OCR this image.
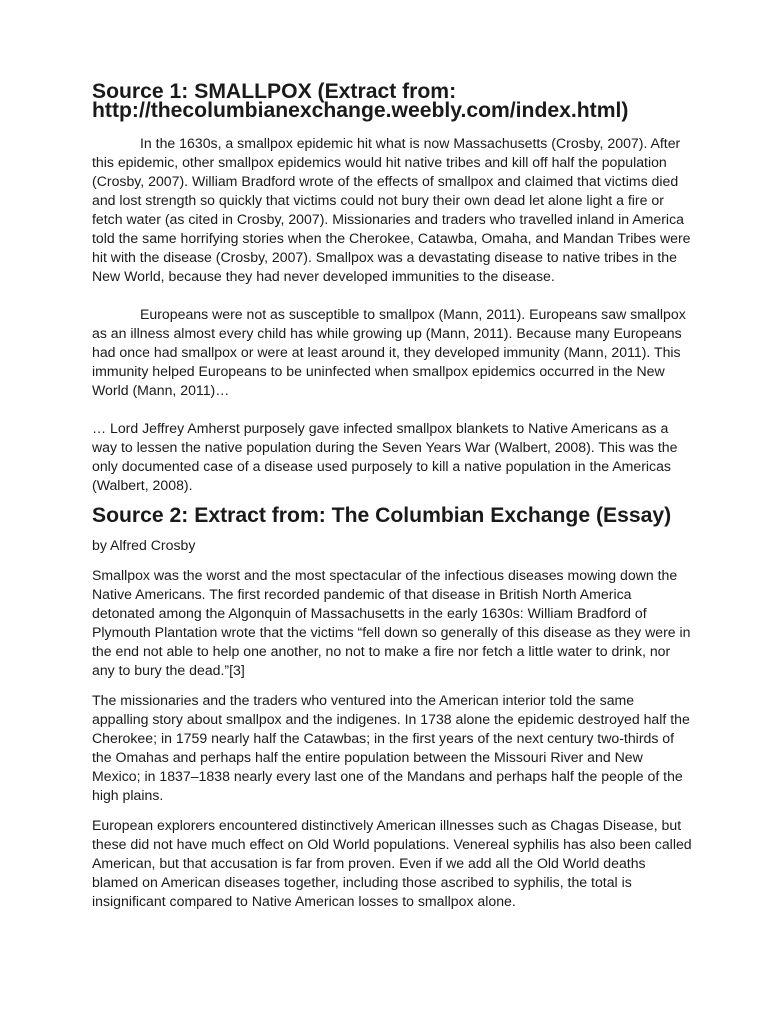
Source 1: SMALLPOX (Extract from:
http://thecolumbianexchange.weebly.com/index.html)

In the 1630s, a smallpox epidemic hit what is now Massachusetts (Crosby, 2007). After this epidemic, other smallpox epidemics would hit native tribes and kill off half the population (Crosby, 2007). William Bradford wrote of the effects of smallpox and claimed that victims died and lost strength so quickly that victims could not bury their own dead let alone light a fire or fetch water (as cited in Crosby, 2007). Missionaries and traders who travelled inland in America told the same horrifying stories when the Cherokee, Catawba, Omaha, and Mandan Tribes were hit with the disease (Crosby, 2007). Smallpox was a devastating disease to native tribes in the New World, because they had never developed immunities to the disease.

Europeans were not as susceptible to smallpox (Mann, 2011). Europeans saw smallpox as an illness almost every child has while growing up (Mann, 2011). Because many Europeans had once had smallpox or were at least around it, they developed immunity (Mann, 2011). This immunity helped Europeans to be uninfected when smallpox epidemics occurred in the New World (Mann, 2011)…

… Lord Jeffrey Amherst purposely gave infected smallpox blankets to Native Americans as a way to lessen the native population during the Seven Years War (Walbert, 2008). This was the only documented case of a disease used purposely to kill a native population in the Americas (Walbert, 2008).

Source 2: Extract from: The Columbian Exchange (Essay)

by Alfred Crosby

Smallpox was the worst and the most spectacular of the infectious diseases mowing down the Native Americans. The first recorded pandemic of that disease in British North America detonated among the Algonquin of Massachusetts in the early 1630s: William Bradford of Plymouth Plantation wrote that the victims “fell down so generally of this disease as they were in the end not able to help one another, no not to make a fire nor fetch a little water to drink, nor any to bury the dead.”[3]

The missionaries and the traders who ventured into the American interior told the same appalling story about smallpox and the indigenes. In 1738 alone the epidemic destroyed half the Cherokee; in 1759 nearly half the Catawbas; in the first years of the next century two-thirds of the Omahas and perhaps half the entire population between the Missouri River and New Mexico; in 1837–1838 nearly every last one of the Mandans and perhaps half the people of the high plains.

European explorers encountered distinctively American illnesses such as Chagas Disease, but these did not have much effect on Old World populations. Venereal syphilis has also been called American, but that accusation is far from proven. Even if we add all the Old World deaths blamed on American diseases together, including those ascribed to syphilis, the total is insignificant compared to Native American losses to smallpox alone.
